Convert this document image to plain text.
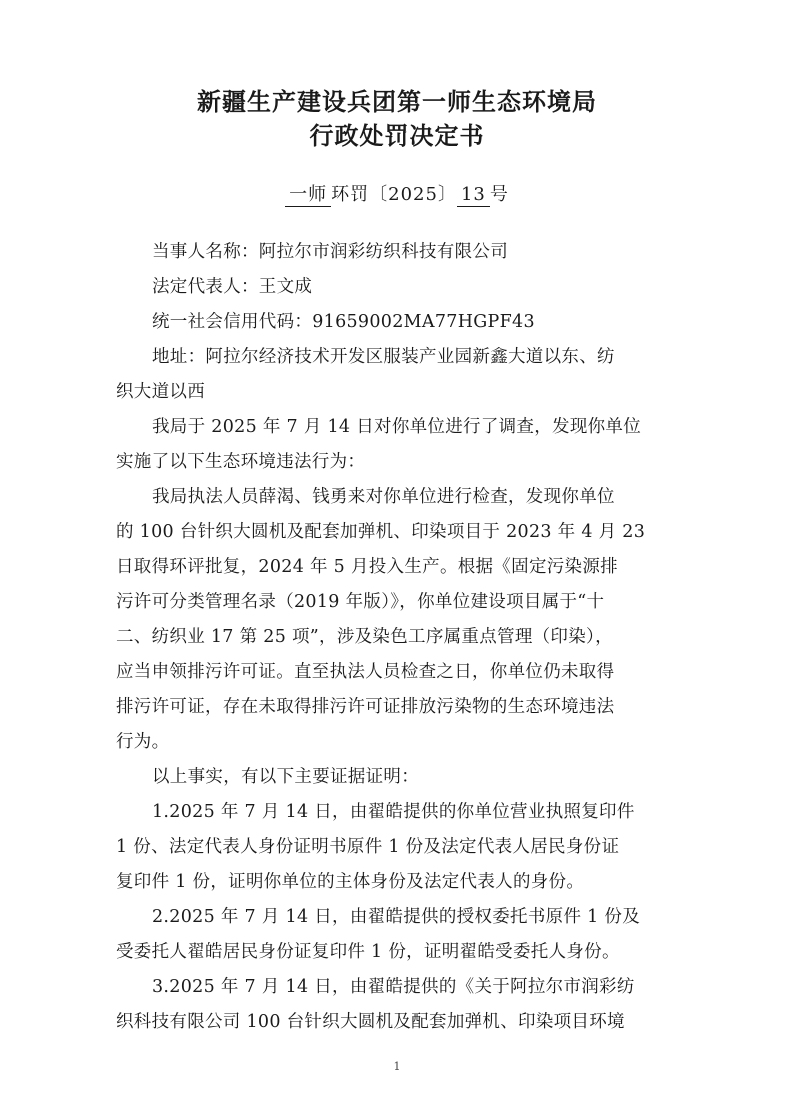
新疆生产建设兵团第一师生态环境局
行政处罚决定书
一师 环罚〔2025〕 13 号
当事人名称：阿拉尔市润彩纺织科技有限公司
法定代表人：王文成
统一社会信用代码：91659002MA77HGPF43
地址：阿拉尔经济技术开发区服装产业园新鑫大道以东、纺
织大道以西
我局于 2025 年 7 月 14 日对你单位进行了调查，发现你单位
实施了以下生态环境违法行为：
我局执法人员薛渴、钱勇来对你单位进行检查，发现你单位
的 100 台针织大圆机及配套加弹机、印染项目于 2023 年 4 月 23
日取得环评批复，2024 年 5 月投入生产。根据《固定污染源排
污许可分类管理名录（2019 年版）》，你单位建设项目属于“十
二、纺织业 17 第 25 项”，涉及染色工序属重点管理（印染），
应当申领排污许可证。直至执法人员检查之日，你单位仍未取得
排污许可证，存在未取得排污许可证排放污染物的生态环境违法
行为。
以上事实，有以下主要证据证明：
1.2025 年 7 月 14 日，由翟皓提供的你单位营业执照复印件
1 份、法定代表人身份证明书原件 1 份及法定代表人居民身份证
复印件 1 份，证明你单位的主体身份及法定代表人的身份。
2.2025 年 7 月 14 日，由翟皓提供的授权委托书原件 1 份及
受委托人翟皓居民身份证复印件 1 份，证明翟皓受委托人身份。
3.2025 年 7 月 14 日，由翟皓提供的《关于阿拉尔市润彩纺
织科技有限公司 100 台针织大圆机及配套加弹机、印染项目环境
1
